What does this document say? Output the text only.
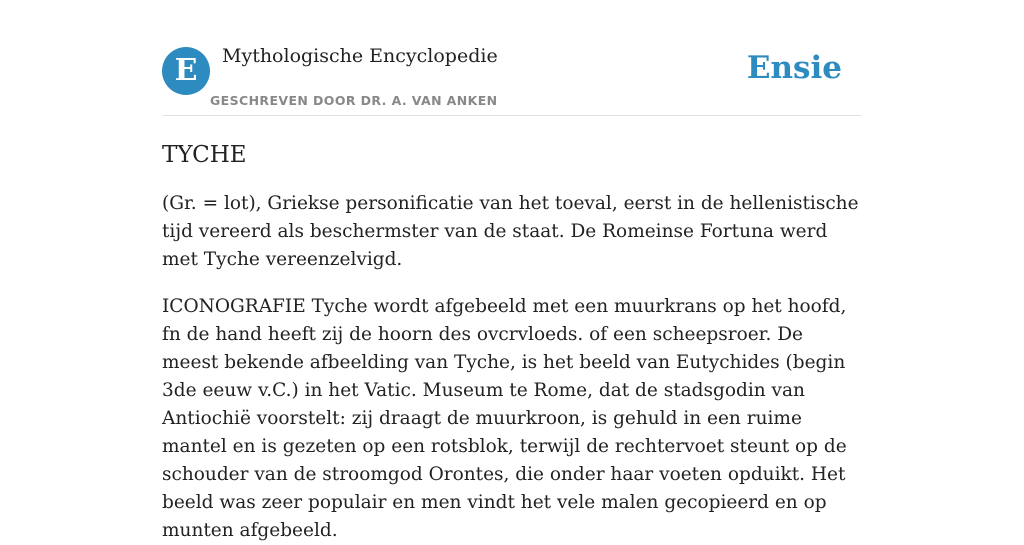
E	Mythologische Encyclopedie
GESCHREVEN DOOR DR. A. VAN ANKEN
Ensie
TYCHE

(Gr. = lot), Griekse personificatie van het toeval, eerst in de hellenistische tijd vereerd als beschermster van de staat. De Romeinse Fortuna werd met Tyche vereenzelvigd.

ICONOGRAFIE Tyche wordt afgebeeld met een muurkrans op het hoofd, fn de hand heeft zij de hoorn des ovcrvloeds. of een scheepsroer. De meest bekende afbeelding van Tyche, is het beeld van Eutychides (begin 3de eeuw v.C.) in het Vatic. Museum te Rome, dat de stadsgodin van Antiochië voorstelt: zij draagt de muurkroon, is gehuld in een ruime mantel en is gezeten op een rotsblok, terwijl de rechtervoet steunt op de schouder van de stroomgod Orontes, die onder haar voeten opduikt. Het beeld was zeer populair en men vindt het vele malen gecopieerd en op munten afgebeeld.
